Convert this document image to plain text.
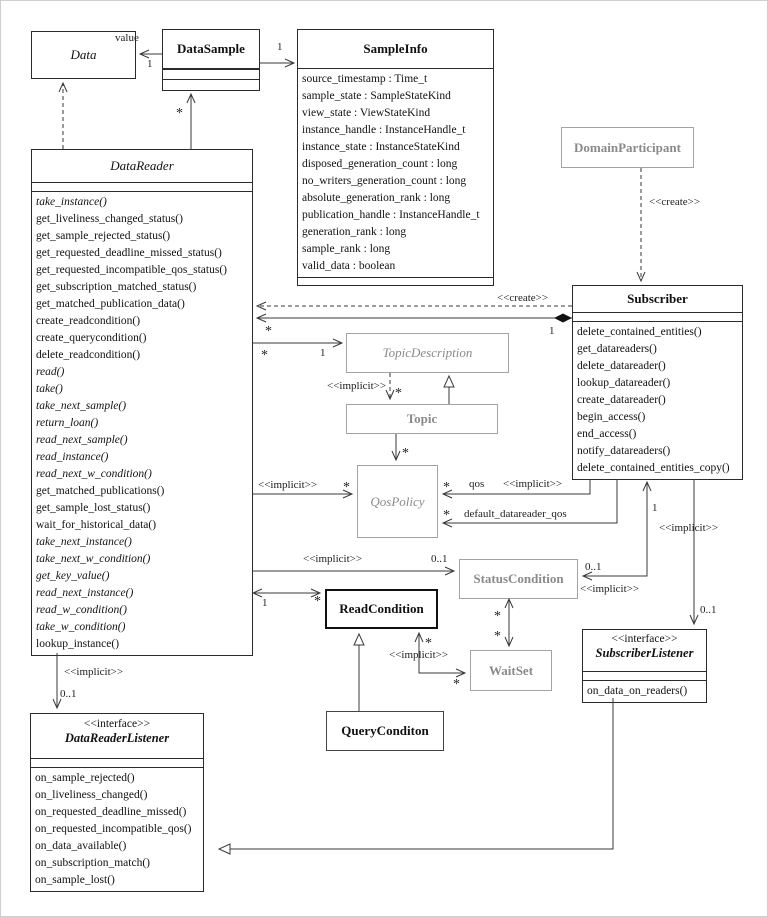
Data	DataSample	SampleInfo
source_timestamp : Time_t
sample_state : SampleStateKind
view_state : ViewStateKind
instance_handle : InstanceHandle_t
instance_state : InstanceStateKind
disposed_generation_count : long
no_writers_generation_count : long
absolute_generation_rank : long
publication_handle : InstanceHandle_t
generation_rank : long
sample_rank : long
valid_data : boolean
DomainParticipant
DataReader
take_instance()
get_liveliness_changed_status()
get_sample_rejected_status()
get_requested_deadline_missed_status()
get_requested_incompatible_qos_status()
get_subscription_matched_status()
get_matched_publication_data()
create_readcondition()
create_querycondition()
delete_readcondition()
read()
take()
take_next_sample()
return_loan()
read_next_sample()
read_instance()
read_next_w_condition()
get_matched_publications()
get_sample_lost_status()
wait_for_historical_data()
take_next_instance()
take_next_w_condition()
get_key_value()
read_next_instance()
read_w_condition()
take_w_condition()
lookup_instance()
Subscriber
delete_contained_entities()
get_datareaders()
delete_datareader()
lookup_datareader()
create_datareader()
begin_access()
end_access()
notify_datareaders()
delete_contained_entities_copy()
TopicDescription
Topic
QosPolicy
StatusCondition
ReadCondition
WaitSet
<<interface>>
SubscriberListener
on_data_on_readers()
QueryConditon
<<interface>>
DataReaderListener
on_sample_rejected()
on_liveliness_changed()
on_requested_deadline_missed()
on_requested_incompatible_qos()
on_data_available()
on_subscription_match()
on_sample_lost()
value
1
1
*
<<create>>
<<create>>
*	1
*	1
<<implicit>> *
*
<<implicit>> *	* qos <<implicit>>
* default_datareader_qos	1
<<implicit>>
0..1
<<implicit>>
<<implicit>>	0..1
1	*
*
<<implicit>>
*
*
*
0..1
<<implicit>>
0..1
